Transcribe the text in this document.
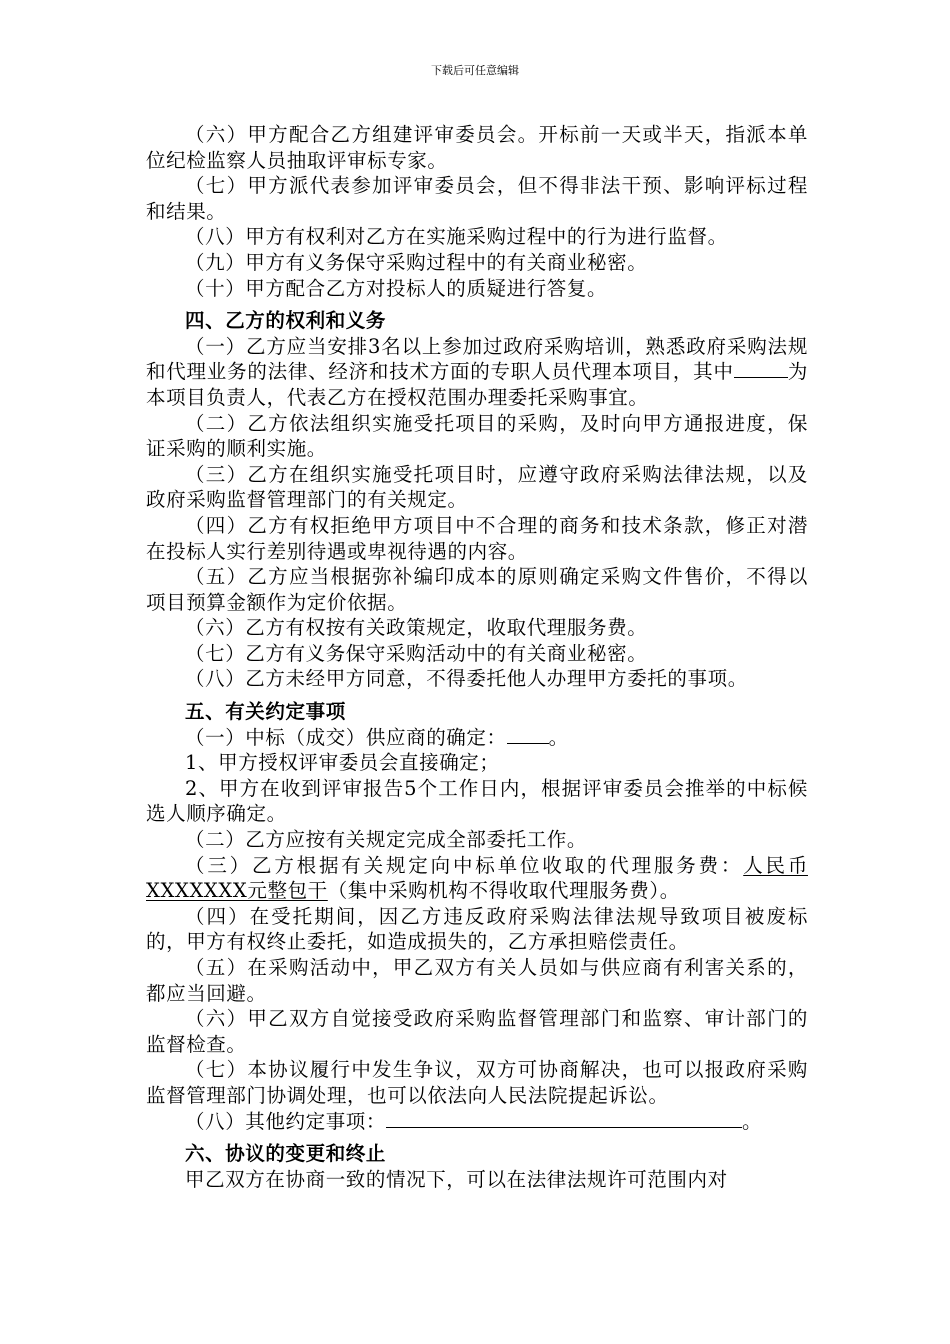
下载后可任意编辑

（六）甲方配合乙方组建评审委员会。开标前一天或半天，指派本单位纪检监察人员抽取评审标专家。

（七）甲方派代表参加评审委员会，但不得非法干预、影响评标过程和结果。

（八）甲方有权利对乙方在实施采购过程中的行为进行监督。

（九）甲方有义务保守采购过程中的有关商业秘密。

（十）甲方配合乙方对投标人的质疑进行答复。

四、乙方的权利和义务

（一）乙方应当安排3名以上参加过政府采购培训，熟悉政府采购法规和代理业务的法律、经济和技术方面的专职人员代理本项目，其中	为本项目负责人，代表乙方在授权范围办理委托采购事宜。

（二）乙方依法组织实施受托项目的采购，及时向甲方通报进度，保证采购的顺利实施。

（三）乙方在组织实施受托项目时，应遵守政府采购法律法规，以及政府采购监督管理部门的有关规定。

（四）乙方有权拒绝甲方项目中不合理的商务和技术条款，修正对潜在投标人实行差别待遇或卑视待遇的内容。

（五）乙方应当根据弥补编印成本的原则确定采购文件售价，不得以项目预算金额作为定价依据。

（六）乙方有权按有关政策规定，收取代理服务费。

（七）乙方有义务保守采购活动中的有关商业秘密。

（八）乙方未经甲方同意，不得委托他人办理甲方委托的事项。

五、有关约定事项

（一）中标（成交）供应商的确定： 。

1、甲方授权评审委员会直接确定；

2、甲方在收到评审报告5个工作日内，根据评审委员会推举的中标候选人顺序确定。

（二）乙方应按有关规定完成全部委托工作。

（三）乙方根据有关规定向中标单位收取的代理服务费：人民币XXXXXXX元整包干（集中采购机构不得收取代理服务费）。

（四）在受托期间，因乙方违反政府采购法律法规导致项目被废标的，甲方有权终止委托，如造成损失的，乙方承担赔偿责任。

（五）在采购活动中，甲乙双方有关人员如与供应商有利害关系的，都应当回避。

（六）甲乙双方自觉接受政府采购监督管理部门和监察、审计部门的监督检查。

（七）本协议履行中发生争议，双方可协商解决，也可以报政府采购监督管理部门协调处理，也可以依法向人民法院提起诉讼。

（八）其他约定事项：	。

六、协议的变更和终止

甲乙双方在协商一致的情况下，可以在法律法规许可范围内对
